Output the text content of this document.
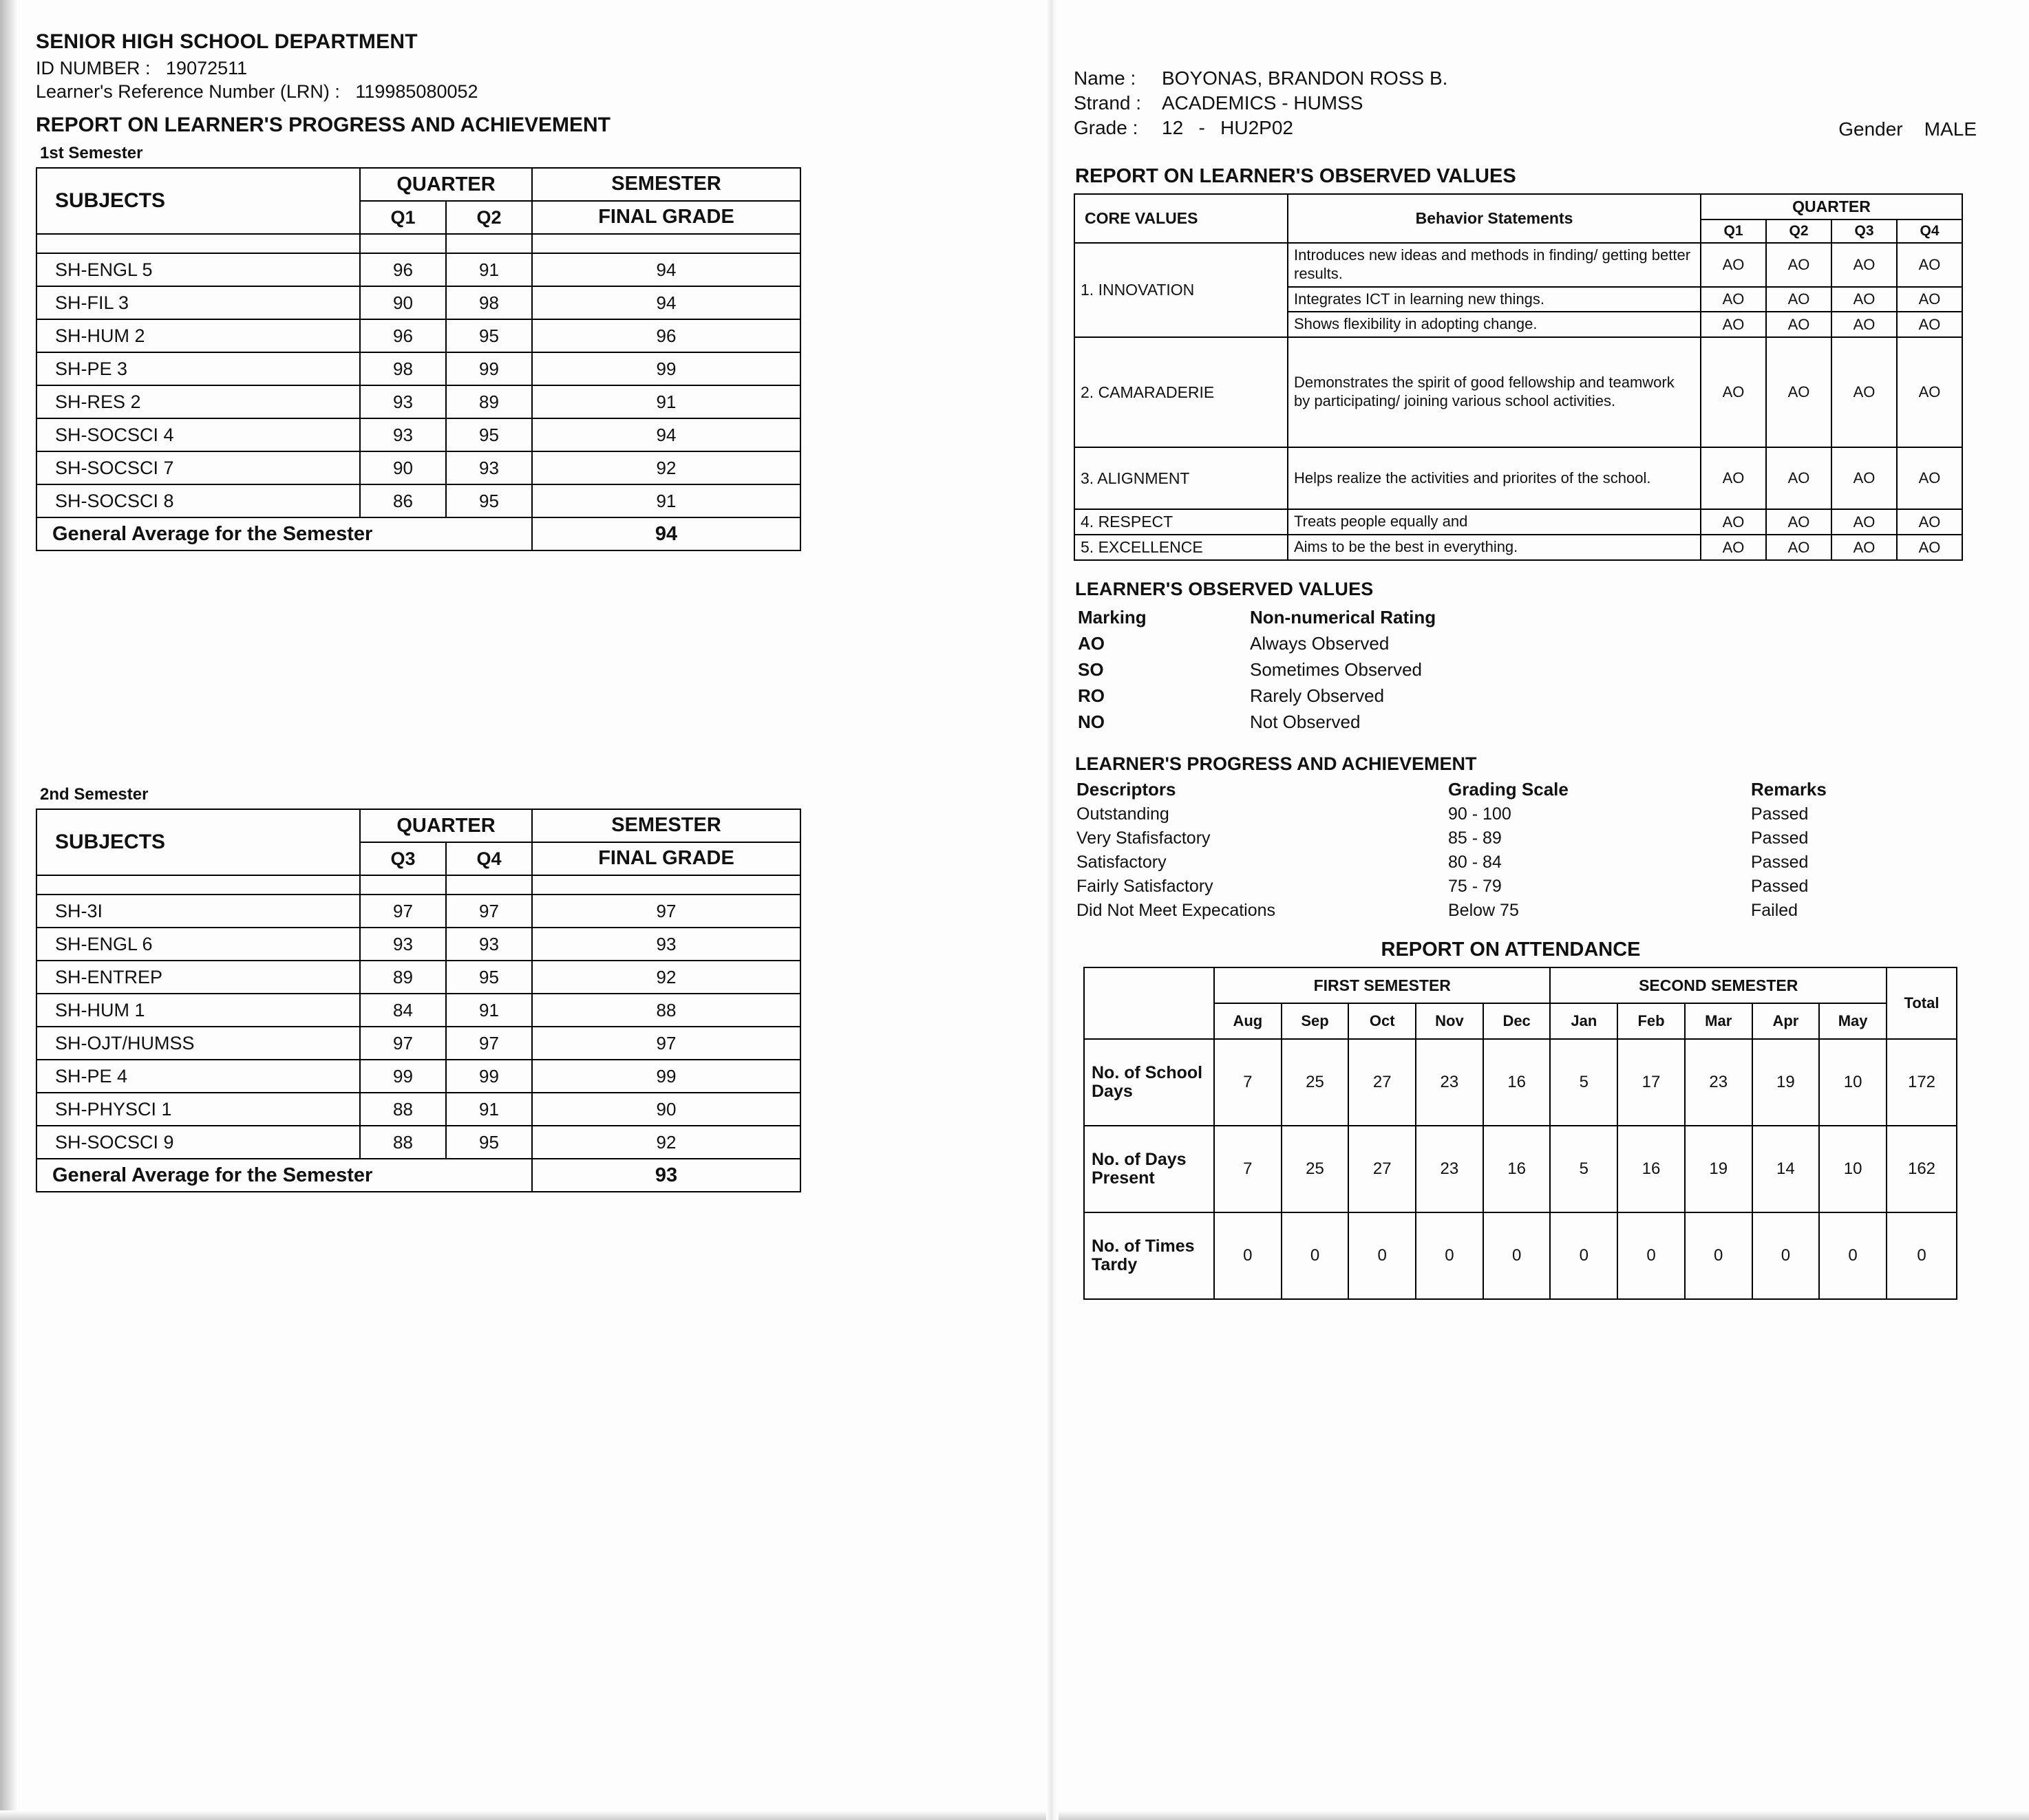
SENIOR HIGH SCHOOL DEPARTMENT
ID NUMBER : 19072511
Learner's Reference Number (LRN) : 119985080052
REPORT ON LEARNER'S PROGRESS AND ACHIEVEMENT
1st Semester
SUBJECTS	QUARTER		SEMESTER
	Q1	Q2	FINAL GRADE

SH-ENGL 5	96	91	94
SH-FIL 3	90	98	94
SH-HUM 2	96	95	96
SH-PE 3	98	99	99
SH-RES 2	93	89	91
SH-SOCSCI 4	93	95	94
SH-SOCSCI 7	90	93	92
SH-SOCSCI 8	86	95	91
General Average for the Semester			94
2nd Semester
SUBJECTS	QUARTER		SEMESTER
	Q3	Q4	FINAL GRADE

SH-3I	97	97	97
SH-ENGL 6	93	93	93
SH-ENTREP	89	95	92
SH-HUM 1	84	91	88
SH-OJT/HUMSS	97	97	97
SH-PE 4	99	99	99
SH-PHYSCI 1	88	91	90
SH-SOCSCI 9	88	95	92
General Average for the Semester			93
Name :	BOYONAS, BRANDON ROSS B.
Strand :	ACADEMICS - HUMSS
Grade :	12 - HU2P02	Gender MALE
REPORT ON LEARNER'S OBSERVED VALUES
CORE VALUES	Behavior Statements	QUARTER			
		Q1	Q2	Q3	Q4
1. INNOVATION	Introduces new ideas and methods in finding/ getting better results.	AO	AO	AO	AO
	Integrates ICT in learning new things.	AO	AO	AO	AO
	Shows flexibility in adopting change.	AO	AO	AO	AO
2. CAMARADERIE	Demonstrates the spirit of good fellowship and teamwork by participating/ joining various school activities.	AO	AO	AO	AO
3. ALIGNMENT	Helps realize the activities and priorites of the school.	AO	AO	AO	AO
4. RESPECT	Treats people equally and	AO	AO	AO	AO
5. EXCELLENCE	Aims to be the best in everything.	AO	AO	AO	AO
LEARNER'S OBSERVED VALUES
Marking	Non-numerical Rating
AO	Always Observed
SO	Sometimes Observed
RO	Rarely Observed
NO	Not Observed
LEARNER'S PROGRESS AND ACHIEVEMENT
Descriptors	Grading Scale	Remarks
Outstanding	90 - 100	Passed
Very Stafisfactory	85 - 89	Passed
Satisfactory	80 - 84	Passed
Fairly Satisfactory	75 - 79	Passed
Did Not Meet Expecations	Below 75	Failed
REPORT ON ATTENDANCE
	FIRST SEMESTER					SECOND SEMESTER					Total
	Aug	Sep	Oct	Nov	Dec	Jan	Feb	Mar	Apr	May	
No. of School Days	7	25	27	23	16	5	17	23	19	10	172
No. of Days Present	7	25	27	23	16	5	16	19	14	10	162
No. of Times Tardy	0	0	0	0	0	0	0	0	0	0	0
